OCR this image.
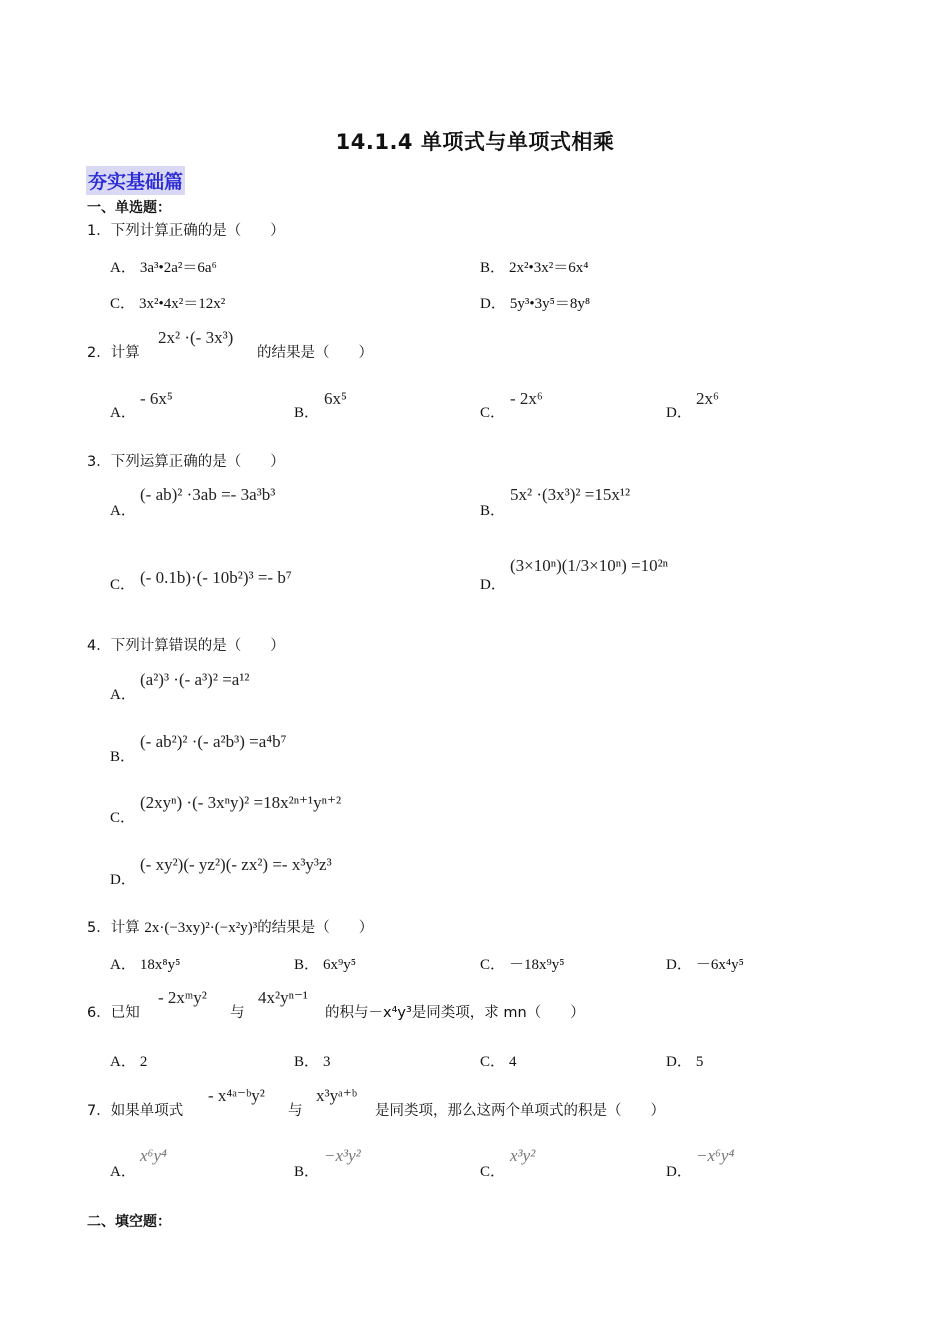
14.1.4 单项式与单项式相乘
夯实基础篇
一、单选题：
1．下列计算正确的是（　　）
A． 3a³•2a²＝6a⁶	B． 2x²•3x²＝6x⁴
C． 3x²•4x²＝12x²	D． 5y³•3y⁵＝8y⁸
2．计算
2x² ·(- 3x³)
的结果是（　　）
A．
- 6x⁵
B．
6x⁵
C．
- 2x⁶
D．
2x⁶
3．下列运算正确的是（　　）
A．
(- ab)² ·3ab =- 3a³b³
B．
5x² ·(3x³)² =15x¹²
C． (- 0.1b)·(- 10b²)³ =- b⁷	D．
(3×10ⁿ)(1/3×10ⁿ) =10²ⁿ
4．下列计算错误的是（　　）
A．
(a²)³ ·(- a³)² =a¹²
B．
(- ab²)² ·(- a²b³) =a⁴b⁷
C．
(2xyⁿ) ·(- 3xⁿy)² =18x²ⁿ⁺¹yⁿ⁺²
D．
(- xy²)(- yz²)(- zx²) =- x³y³z³
5．计算 2x·(−3xy)²·(−x²y)³的结果是（　　）
A． 18x⁸y⁵	B． 6x⁹y⁵	C． －18x⁹y⁵	D． －6x⁴y⁵
6．已知
- 2xᵐy²
与
4x²yⁿ⁻¹
的积与－x⁴y³是同类项，求 mn（　　）
A． 2	B． 3	C． 4	D． 5
7．如果单项式
- x⁴ᵃ⁻ᵇy²
与
x³yᵃ⁺ᵇ
是同类项，那么这两个单项式的积是（　　）
A．
x⁶y⁴
B．
−x³y²
C．
x³y²
D．
−x⁶y⁴
二、填空题：
